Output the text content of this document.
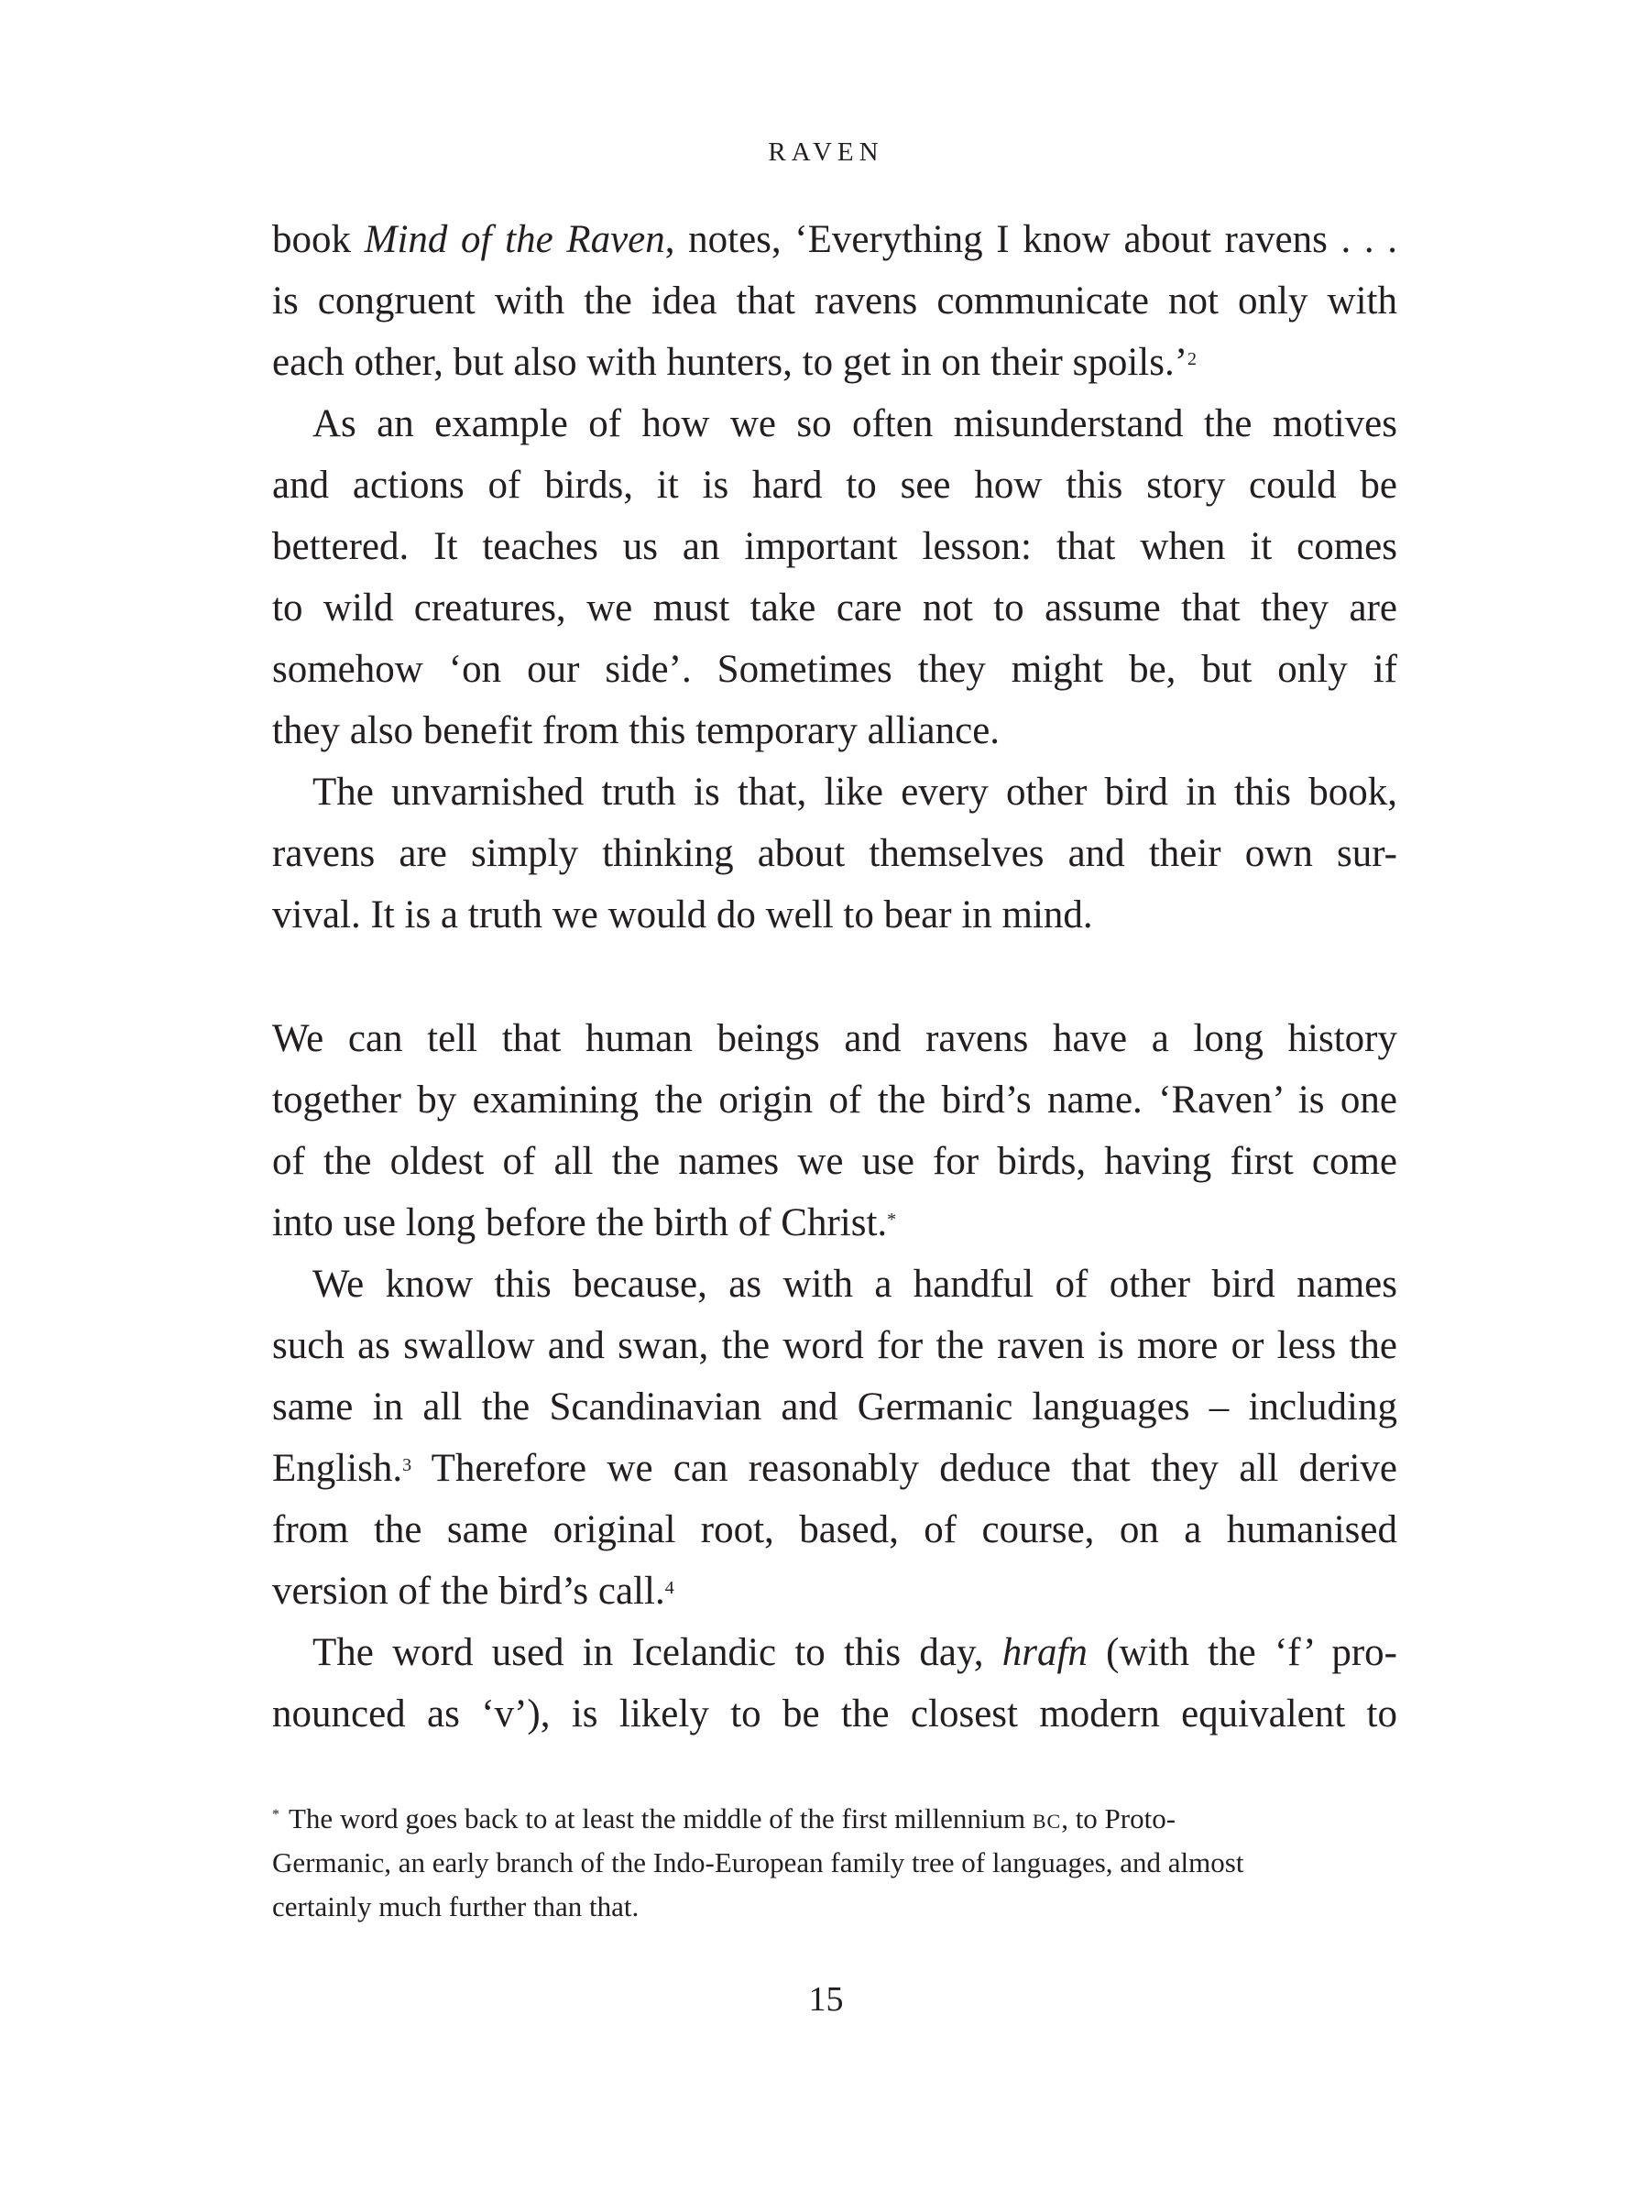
RAVEN
book Mind of the Raven, notes, ‘Everything I know about ravens . . .
is congruent with the idea that ravens communicate not only with
each other, but also with hunters, to get in on their spoils.’$^2$
As an example of how we so often misunderstand the motives
and actions of birds, it is hard to see how this story could be
bettered. It teaches us an important lesson: that when it comes
to wild creatures, we must take care not to assume that they are
somehow ‘on our side’. Sometimes they might be, but only if
they also benefit from this temporary alliance.
The unvarnished truth is that, like every other bird in this book,
ravens are simply thinking about themselves and their own sur-
vival. It is a truth we would do well to bear in mind.
We can tell that human beings and ravens have a long history
together by examining the origin of the bird’s name. ‘Raven’ is one
of the oldest of all the names we use for birds, having first come
into use long before the birth of Christ.*
We know this because, as with a handful of other bird names
such as swallow and swan, the word for the raven is more or less the
same in all the Scandinavian and Germanic languages – including
English.$^3$ Therefore we can reasonably deduce that they all derive
from the same original root, based, of course, on a humanised
version of the bird’s call.$^4$
The word used in Icelandic to this day, hrafn (with the ‘f’ pro-
nounced as ‘v’), is likely to be the closest modern equivalent to
* The word goes back to at least the middle of the first millennium bc, to Proto-
Germanic, an early branch of the Indo-European family tree of languages, and almost
certainly much further than that.
15
